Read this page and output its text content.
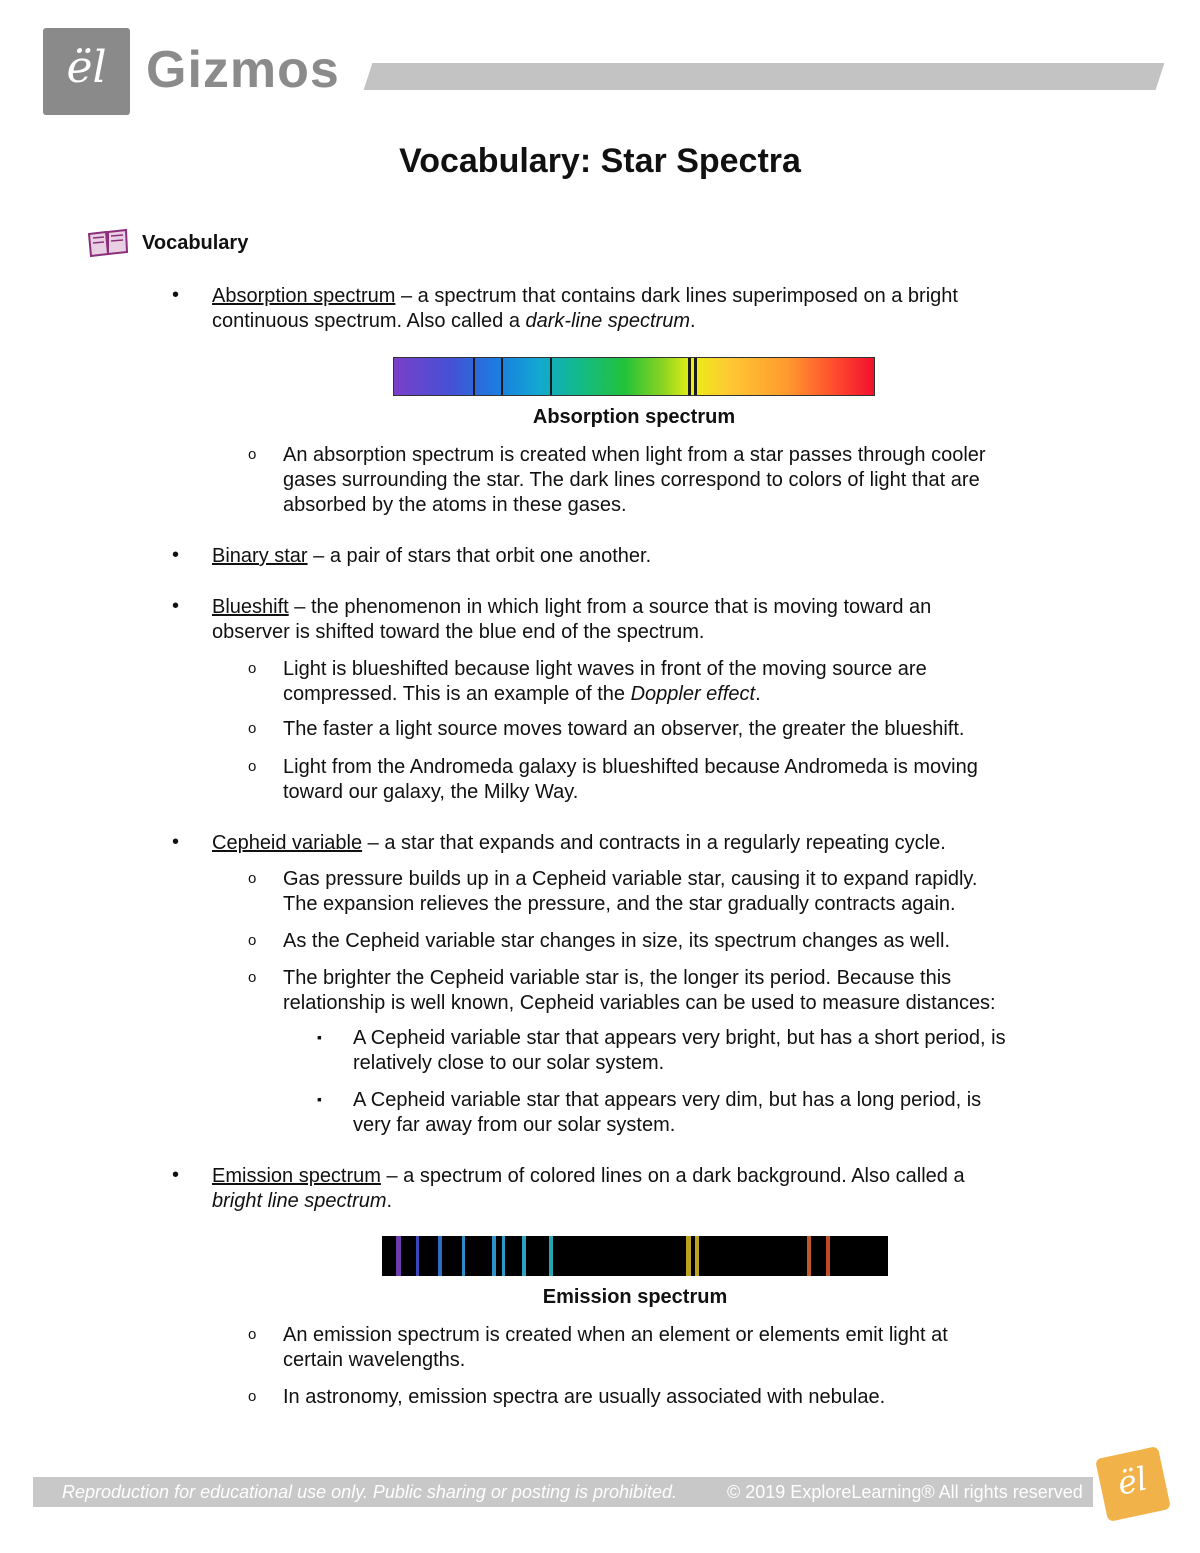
ël Gizmos
Vocabulary: Star Spectra
Vocabulary
• Absorption spectrum – a spectrum that contains dark lines superimposed on a bright
continuous spectrum. Also called a dark-line spectrum.
Absorption spectrum
o An absorption spectrum is created when light from a star passes through cooler
gases surrounding the star. The dark lines correspond to colors of light that are
absorbed by the atoms in these gases.
• Binary star – a pair of stars that orbit one another.
• Blueshift – the phenomenon in which light from a source that is moving toward an
observer is shifted toward the blue end of the spectrum.
o Light is blueshifted because light waves in front of the moving source are
compressed. This is an example of the Doppler effect.
o The faster a light source moves toward an observer, the greater the blueshift.
o Light from the Andromeda galaxy is blueshifted because Andromeda is moving
toward our galaxy, the Milky Way.
• Cepheid variable – a star that expands and contracts in a regularly repeating cycle.
o Gas pressure builds up in a Cepheid variable star, causing it to expand rapidly.
The expansion relieves the pressure, and the star gradually contracts again.
o As the Cepheid variable star changes in size, its spectrum changes as well.
o The brighter the Cepheid variable star is, the longer its period. Because this
relationship is well known, Cepheid variables can be used to measure distances:
▪ A Cepheid variable star that appears very bright, but has a short period, is
relatively close to our solar system.
▪ A Cepheid variable star that appears very dim, but has a long period, is
very far away from our solar system.
• Emission spectrum – a spectrum of colored lines on a dark background. Also called a
bright line spectrum.
Emission spectrum
o An emission spectrum is created when an element or elements emit light at
certain wavelengths.
o In astronomy, emission spectra are usually associated with nebulae.
Reproduction for educational use only. Public sharing or posting is prohibited.	© 2019 ExploreLearning® All rights reserved ël
